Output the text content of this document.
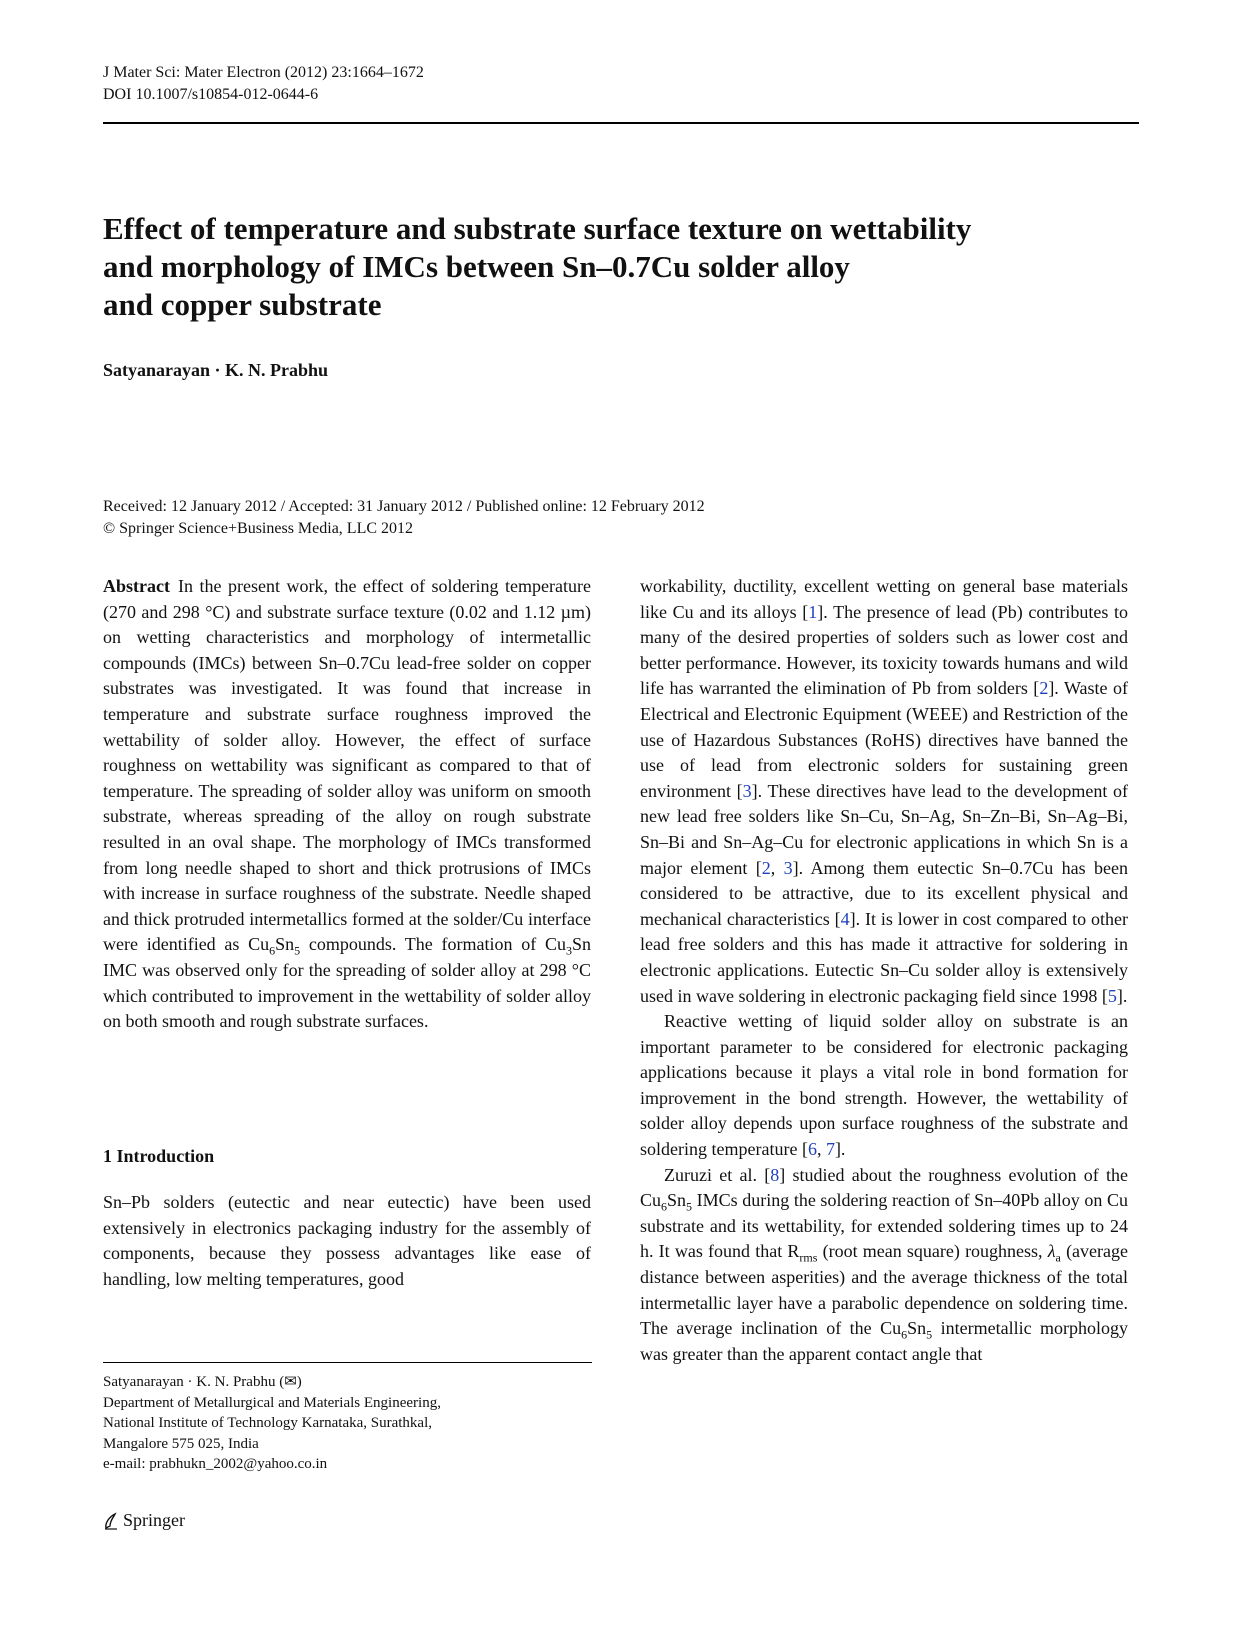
J Mater Sci: Mater Electron (2012) 23:1664–1672
DOI 10.1007/s10854-012-0644-6
Effect of temperature and substrate surface texture on wettability
and morphology of IMCs between Sn–0.7Cu solder alloy
and copper substrate
Satyanarayan · K. N. Prabhu
Received: 12 January 2012 / Accepted: 31 January 2012 / Published online: 12 February 2012
© Springer Science+Business Media, LLC 2012

Abstract In the present work, the effect of soldering temperature (270 and 298 °C) and substrate surface texture (0.02 and 1.12 µm) on wetting characteristics and morphology of intermetallic compounds (IMCs) between Sn–0.7Cu lead-free solder on copper substrates was investigated. It was found that increase in temperature and substrate surface roughness improved the wettability of solder alloy. However, the effect of surface roughness on wettability was significant as compared to that of temperature. The spreading of solder alloy was uniform on smooth substrate, whereas spreading of the alloy on rough substrate resulted in an oval shape. The morphology of IMCs transformed from long needle shaped to short and thick protrusions of IMCs with increase in surface roughness of the substrate. Needle shaped and thick protruded intermetallics formed at the solder/Cu interface were identified as $Cu_6Sn_5$ compounds. The formation of $Cu_3Sn$ IMC was observed only for the spreading of solder alloy at 298 °C which contributed to improvement in the wettability of solder alloy on both smooth and rough substrate surfaces.

1 Introduction

Sn–Pb solders (eutectic and near eutectic) have been used extensively in electronics packaging industry for the assembly of components, because they possess advantages like ease of handling, low melting temperatures, good

Satyanarayan · K. N. Prabhu (✉)
Department of Metallurgical and Materials Engineering,
National Institute of Technology Karnataka, Surathkal,
Mangalore 575 025, India
e-mail: prabhukn_2002@yahoo.co.in

workability, ductility, excellent wetting on general base materials like Cu and its alloys [1]. The presence of lead (Pb) contributes to many of the desired properties of solders such as lower cost and better performance. However, its toxicity towards humans and wild life has warranted the elimination of Pb from solders [2]. Waste of Electrical and Electronic Equipment (WEEE) and Restriction of the use of Hazardous Substances (RoHS) directives have banned the use of lead from electronic solders for sustaining green environment [3]. These directives have lead to the development of new lead free solders like Sn–Cu, Sn–Ag, Sn–Zn–Bi, Sn–Ag–Bi, Sn–Bi and Sn–Ag–Cu for electronic applications in which Sn is a major element [2, 3]. Among them eutectic Sn–0.7Cu has been considered to be attractive, due to its excellent physical and mechanical characteristics [4]. It is lower in cost compared to other lead free solders and this has made it attractive for soldering in electronic applications. Eutectic Sn–Cu solder alloy is extensively used in wave soldering in electronic packaging field since 1998 [5].

Reactive wetting of liquid solder alloy on substrate is an important parameter to be considered for electronic packaging applications because it plays a vital role in bond formation for improvement in the bond strength. However, the wettability of solder alloy depends upon surface roughness of the substrate and soldering temperature [6, 7].

Zuruzi et al. [8] studied about the roughness evolution of the $Cu_6Sn_5$ IMCs during the soldering reaction of Sn–40Pb alloy on Cu substrate and its wettability, for extended soldering times up to 24 h. It was found that $R_{rms}$ (root mean square) roughness, $\lambda_a$ (average distance between asperities) and the average thickness of the total intermetallic layer have a parabolic dependence on soldering time. The average inclination of the $Cu_6Sn_5$ intermetallic morphology was greater than the apparent contact angle that

Springer
